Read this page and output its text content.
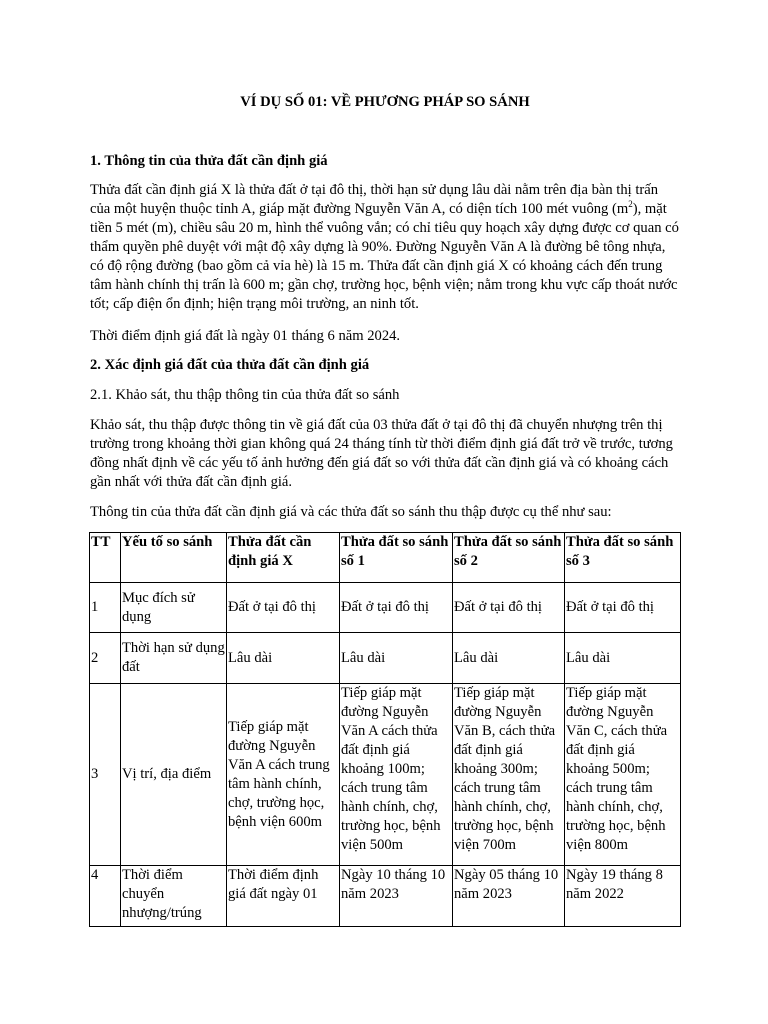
VÍ DỤ SỐ 01: VỀ PHƯƠNG PHÁP SO SÁNH
1. Thông tin của thửa đất cần định giá
Thửa đất cần định giá X là thửa đất ở tại đô thị, thời hạn sử dụng lâu dài nằm trên địa bàn thị trấn của một huyện thuộc tỉnh A, giáp mặt đường Nguyễn Văn A, có diện tích 100 mét vuông $(m^2)$, mặt tiền 5 mét (m), chiều sâu 20 m, hình thể vuông vắn; có chỉ tiêu quy hoạch xây dựng được cơ quan có thẩm quyền phê duyệt với mật độ xây dựng là 90%. Đường Nguyễn Văn A là đường bê tông nhựa, có độ rộng đường (bao gồm cả vỉa hè) là 15 m. Thửa đất cần định giá X có khoảng cách đến trung tâm hành chính thị trấn là 600 m; gần chợ, trường học, bệnh viện; nằm trong khu vực cấp thoát nước tốt; cấp điện ổn định; hiện trạng môi trường, an ninh tốt.
Thời điểm định giá đất là ngày 01 tháng 6 năm 2024.
2. Xác định giá đất của thửa đất cần định giá
2.1. Khảo sát, thu thập thông tin của thửa đất so sánh
Khảo sát, thu thập được thông tin về giá đất của 03 thửa đất ở tại đô thị đã chuyển nhượng trên thị trường trong khoảng thời gian không quá 24 tháng tính từ thời điểm định giá đất trở về trước, tương đồng nhất định về các yếu tố ảnh hưởng đến giá đất so với thửa đất cần định giá và có khoảng cách gần nhất với thửa đất cần định giá.
Thông tin của thửa đất cần định giá và các thửa đất so sánh thu thập được cụ thể như sau:
TT	Yếu tố so sánh	Thửa đất cần định giá X	Thửa đất so sánh số 1	Thửa đất so sánh số 2	Thửa đất so sánh số 3
1	Mục đích sử dụng	Đất ở tại đô thị	Đất ở tại đô thị	Đất ở tại đô thị	Đất ở tại đô thị
2	Thời hạn sử dụng đất	Lâu dài	Lâu dài	Lâu dài	Lâu dài
3	Vị trí, địa điểm	Tiếp giáp mặt đường Nguyễn Văn A cách trung tâm hành chính, chợ, trường học, bệnh viện 600m	Tiếp giáp mặt đường Nguyễn Văn A cách thửa đất định giá khoảng 100m; cách trung tâm hành chính, chợ, trường học, bệnh viện 500m	Tiếp giáp mặt đường Nguyễn Văn B, cách thửa đất định giá khoảng 300m; cách trung tâm hành chính, chợ, trường học, bệnh viện 700m	Tiếp giáp mặt đường Nguyễn Văn C, cách thửa đất định giá khoảng 500m; cách trung tâm hành chính, chợ, trường học, bệnh viện 800m
4	Thời điểm chuyển nhượng/trúng	Thời điểm định giá đất ngày 01	Ngày 10 tháng 10 năm 2023	Ngày 05 tháng 10 năm 2023	Ngày 19 tháng 8 năm 2022
